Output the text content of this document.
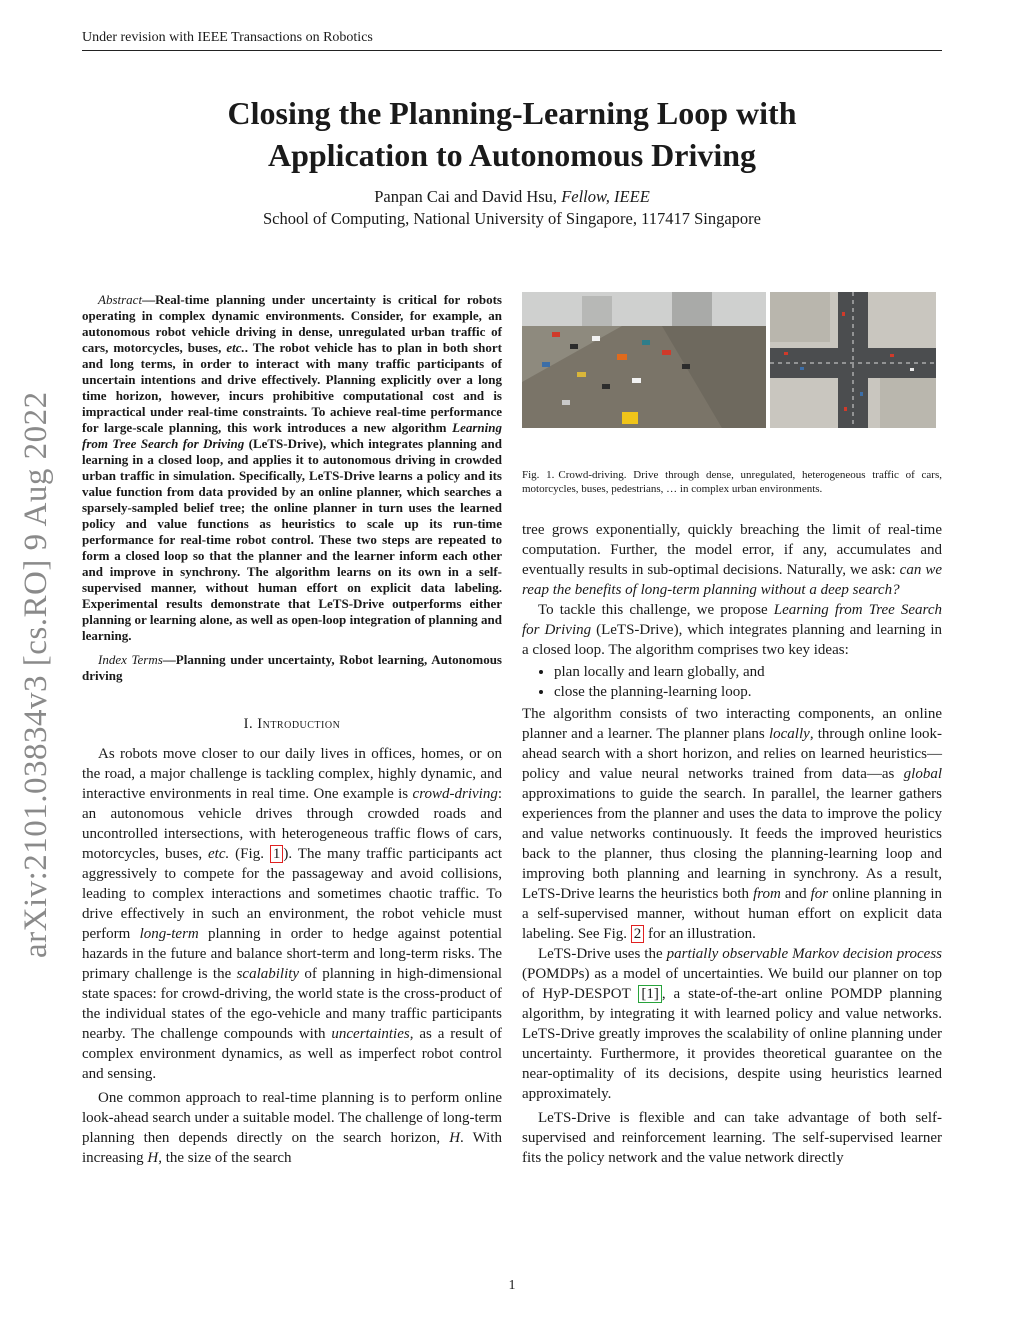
Under revision with IEEE Transactions on Robotics
Closing the Planning-Learning Loop with
Application to Autonomous Driving
Panpan Cai and David Hsu, Fellow, IEEE
School of Computing, National University of Singapore, 117417 Singapore
arXiv:2101.03834v3 [cs.RO] 9 Aug 2022

Abstract—Real-time planning under uncertainty is critical for robots operating in complex dynamic environments. Consider, for example, an autonomous robot vehicle driving in dense, unregulated urban traffic of cars, motorcycles, buses, etc.. The robot vehicle has to plan in both short and long terms, in order to interact with many traffic participants of uncertain intentions and drive effectively. Planning explicitly over a long time horizon, however, incurs prohibitive computational cost and is impractical under real-time constraints. To achieve real-time performance for large-scale planning, this work introduces a new algorithm Learning from Tree Search for Driving (LeTS-Drive), which integrates planning and learning in a closed loop, and applies it to autonomous driving in crowded urban traffic in simulation. Specifically, LeTS-Drive learns a policy and its value function from data provided by an online planner, which searches a sparsely-sampled belief tree; the online planner in turn uses the learned policy and value functions as heuristics to scale up its run-time performance for real-time robot control. These two steps are repeated to form a closed loop so that the planner and the learner inform each other and improve in synchrony. The algorithm learns on its own in a self-supervised manner, without human effort on explicit data labeling. Experimental results demonstrate that LeTS-Drive outperforms either planning or learning alone, as well as open-loop integration of planning and learning.

Index Terms—Planning under uncertainty, Robot learning, Autonomous driving

I. Introduction

As robots move closer to our daily lives in offices, homes, or on the road, a major challenge is tackling complex, highly dynamic, and interactive environments in real time. One example is crowd-driving: an autonomous vehicle drives through crowded roads and uncontrolled intersections, with heterogeneous traffic flows of cars, motorcycles, buses, etc. (Fig. 1 ). The many traffic participants act aggressively to compete for the passageway and avoid collisions, leading to complex interactions and sometimes chaotic traffic. To drive effectively in such an environment, the robot vehicle must perform long-term planning in order to hedge against potential hazards in the future and balance short-term and long-term risks. The primary challenge is the scalability of planning in high-dimensional state spaces: for crowd-driving, the world state is the cross-product of the individual states of the ego-vehicle and many traffic participants nearby. The challenge compounds with uncertainties, as a result of complex environment dynamics, as well as imperfect robot control and sensing.

One common approach to real-time planning is to perform online look-ahead search under a suitable model. The challenge of long-term planning then depends directly on the search horizon, H. With increasing H, the size of the search

Fig. 1. Crowd-driving. Drive through dense, unregulated, heterogeneous traffic of cars, motorcycles, buses, pedestrians, … in complex urban environments.

tree grows exponentially, quickly breaching the limit of real-time computation. Further, the model error, if any, accumulates and eventually results in sub-optimal decisions. Naturally, we ask: can we reap the benefits of long-term planning without a deep search?

To tackle this challenge, we propose Learning from Tree Search for Driving (LeTS-Drive), which integrates planning and learning in a closed loop. The algorithm comprises two key ideas:

• plan locally and learn globally, and
• close the planning-learning loop.

The algorithm consists of two interacting components, an online planner and a learner. The planner plans locally, through online look-ahead search with a short horizon, and relies on learned heuristics—policy and value neural networks trained from data—as global approximations to guide the search. In parallel, the learner gathers experiences from the planner and uses the data to improve the policy and value networks continuously. It feeds the improved heuristics back to the planner, thus closing the planning-learning loop and improving both planning and learning in synchrony. As a result, LeTS-Drive learns the heuristics both from and for online planning in a self-supervised manner, without human effort on explicit data labeling. See Fig. 2 for an illustration.

LeTS-Drive uses the partially observable Markov decision process (POMDPs) as a model of uncertainties. We build our planner on top of HyP-DESPOT [1] , a state-of-the-art online POMDP planning algorithm, by integrating it with learned policy and value networks. LeTS-Drive greatly improves the scalability of online planning under uncertainty. Furthermore, it provides theoretical guarantee on the near-optimality of its decisions, despite using heuristics learned approximately.

LeTS-Drive is flexible and can take advantage of both self-supervised and reinforcement learning. The self-supervised learner fits the policy network and the value network directly

1
